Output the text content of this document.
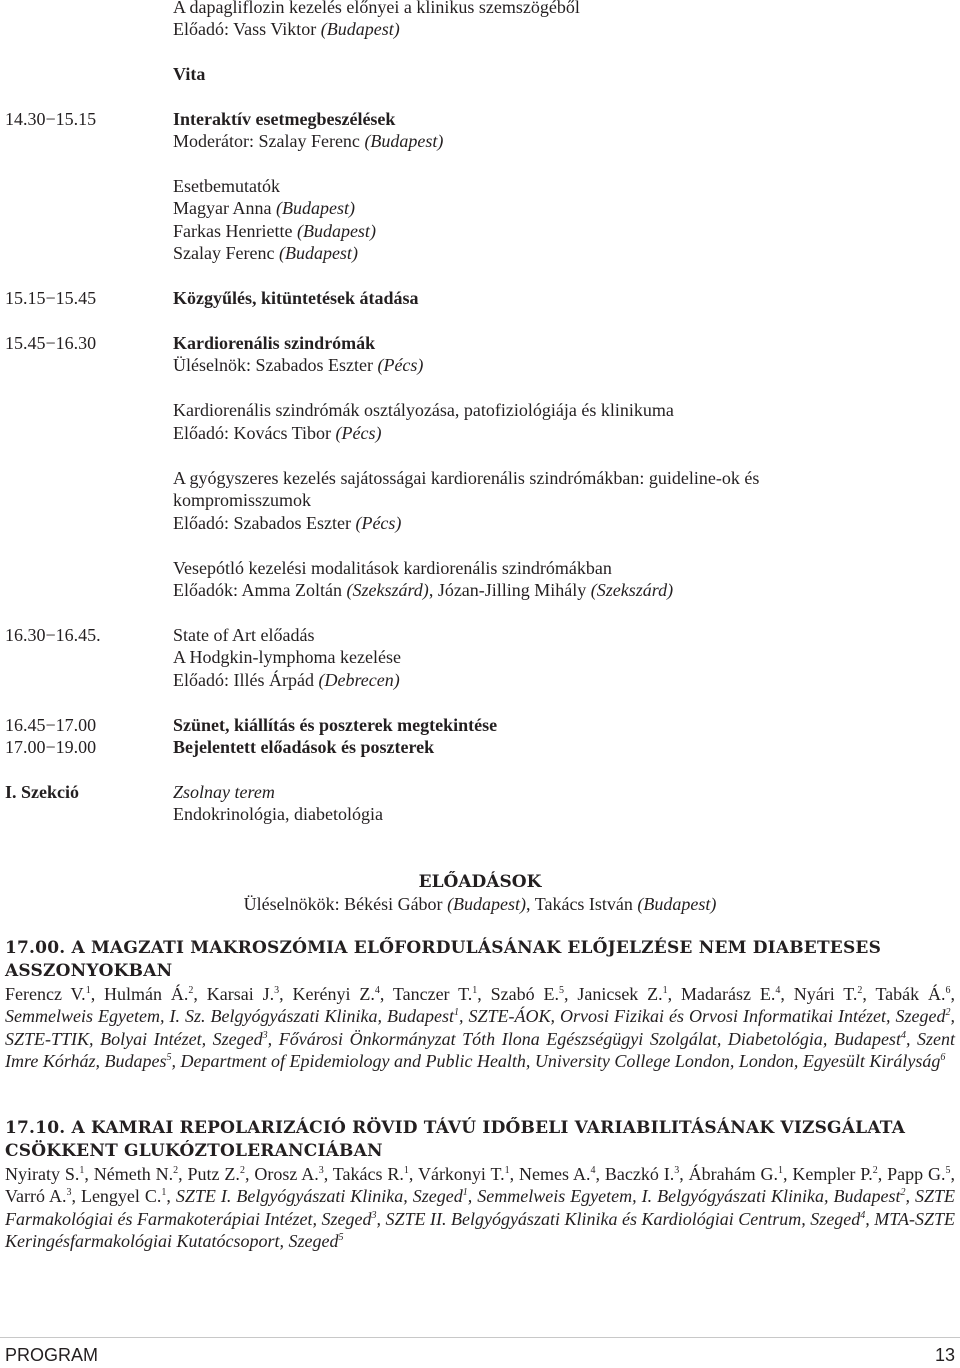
A dapagliflozin kezelés előnyei a klinikus szemszögéből
Előadó: Vass Viktor (Budapest)
Vita
14.30−15.15	Interaktív esetmegbeszélések
Moderátor: Szalay Ferenc (Budapest)
Esetbemutatók
Magyar Anna (Budapest)
Farkas Henriette (Budapest)
Szalay Ferenc (Budapest)
15.15−15.45	Közgyűlés, kitüntetések átadása
15.45−16.30	Kardiorenális szindrómák
Üléselnök: Szabados Eszter (Pécs)
Kardiorenális szindrómák osztályozása, patofiziológiája és klinikuma
Előadó: Kovács Tibor (Pécs)
A gyógyszeres kezelés sajátosságai kardiorenális szindrómákban: guideline-ok és
kompromisszumok
Előadó: Szabados Eszter (Pécs)
Vesepótló kezelési modalitások kardiorenális szindrómákban
Előadók: Amma Zoltán (Szekszárd), Józan-Jilling Mihály (Szekszárd)
16.30−16.45.	State of Art előadás
A Hodgkin-lymphoma kezelése
Előadó: Illés Árpád (Debrecen)
16.45−17.00	Szünet, kiállítás és poszterek megtekintése
17.00−19.00	Bejelentett előadások és poszterek
I. Szekció	Zsolnay terem
Endokrinológia, diabetológia
ELŐADÁSOK
Üléselnökök: Békési Gábor (Budapest), Takács István (Budapest)
17.00. A MAGZATI MAKROSZÓMIA ELŐFORDULÁSÁNAK ELŐJELZÉSE NEM DIABETESES
ASSZONYOKBAN
Ferencz V.$^1$, Hulmán Á.$^2$, Karsai J.$^3$, Kerényi Z.$^4$, Tanczer T.$^1$, Szabó E.$^5$, Janicsek Z.$^1$, Madarász E.$^4$, Nyári T.$^2$, Tabák Á.$^6$, Semmelweis Egyetem, I. Sz. Belgyógyászati Klinika, Budapest$^1$, SZTE-ÁOK, Orvosi Fizikai és Orvosi Informatikai Intézet, Szeged$^2$, SZTE-TTIK, Bolyai Intézet, Szeged$^3$, Fővárosi Önkormányzat Tóth Ilona Egészségügyi Szolgálat, Diabetológia, Budapest$^4$, Szent Imre Kórház, Budapes$^5$, Department of Epidemiology and Public Health, University College London, London, Egyesült Királyság$^6$
17.10. A KAMRAI REPOLARIZÁCIÓ RÖVID TÁVÚ IDŐBELI VARIABILITÁSÁNAK VIZSGÁLATA
CSÖKKENT GLUKÓZTOLERANCIÁBAN
Nyiraty S.$^1$, Németh N.$^2$, Putz Z.$^2$, Orosz A.$^3$, Takács R.$^1$, Várkonyi T.$^1$, Nemes A.$^4$, Baczkó I.$^3$, Ábrahám G.$^1$, Kempler P.$^2$, Papp G.$^5$, Varró A.$^3$, Lengyel C.$^1$, SZTE I. Belgyógyászati Klinika, Szeged$^1$, Semmelweis Egyetem, I. Belgyógyászati Klinika, Budapest$^2$, SZTE Farmakológiai és Farmakoterápiai Intézet, Szeged$^3$, SZTE II. Belgyógyászati Klinika és Kardiológiai Centrum, Szeged$^4$, MTA-SZTE Keringésfarmakológiai Kutatócsoport, Szeged$^5$
PROGRAM	13
